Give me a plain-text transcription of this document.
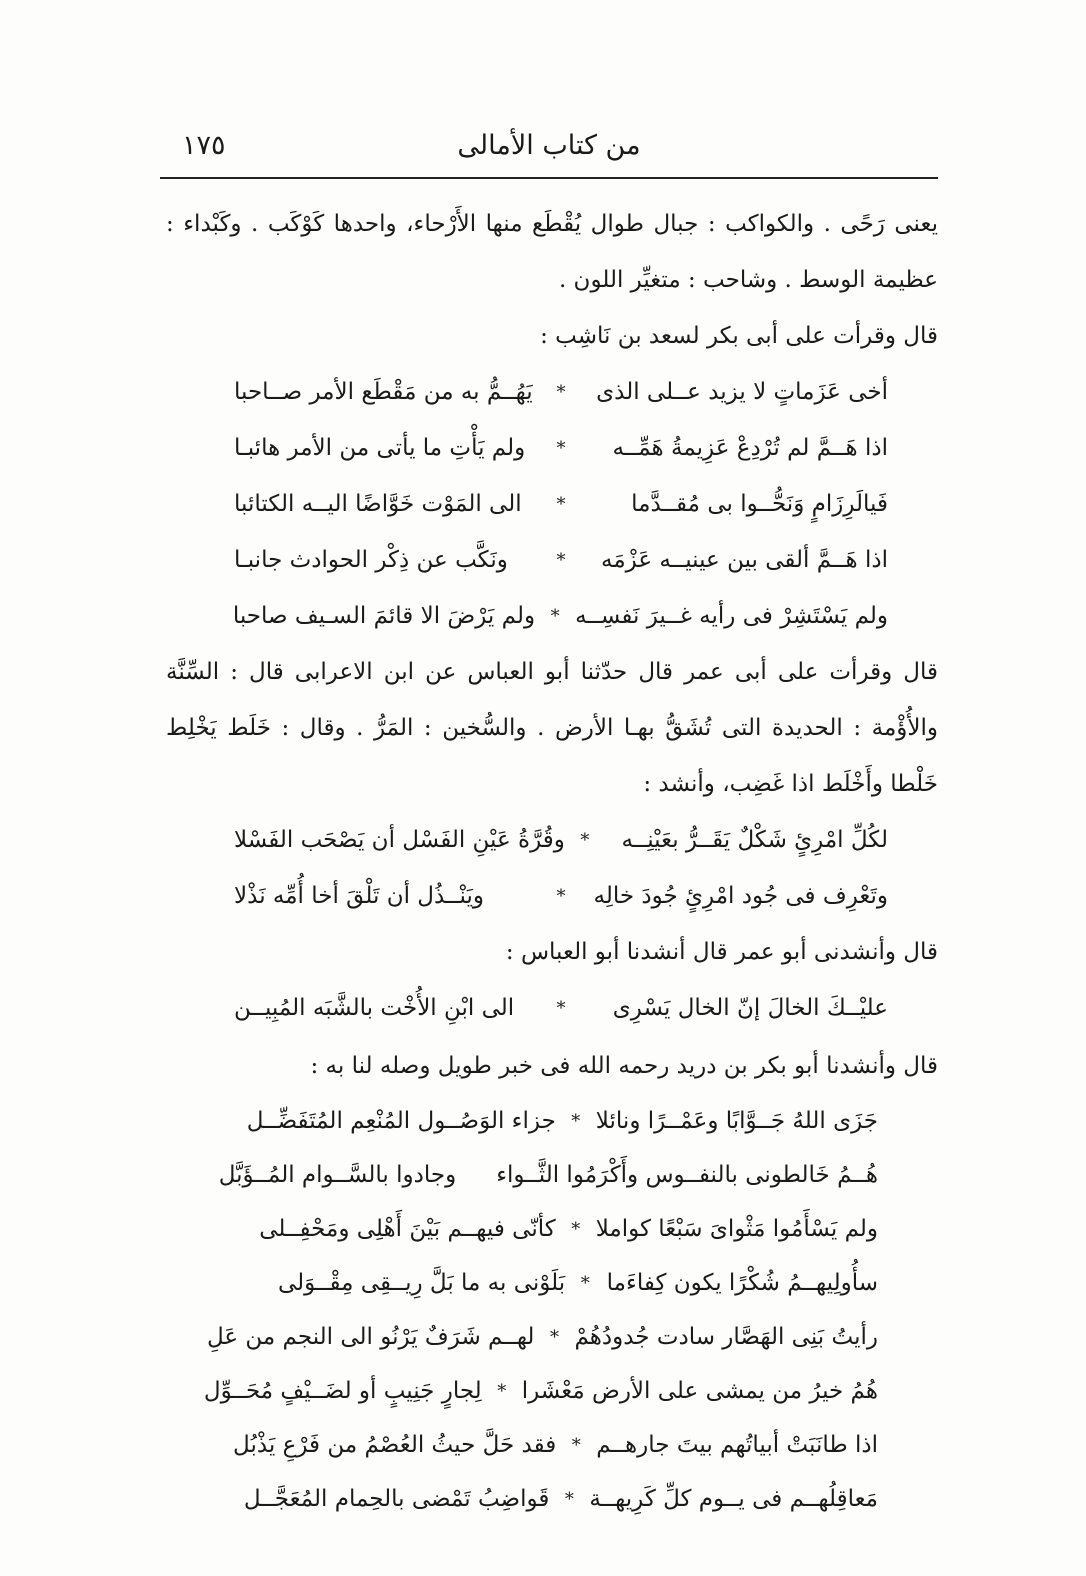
من كتاب الأمالى
١٧٥

يعنى رَحًى . والكواكب : جبال طوال يُقْطَع منها الأَرْحاء، واحدها كَوْكَب . وكَبْداء : عظيمة الوسط . وشاحب : متغيِّر اللون .

قال وقرأت على أبى بكر لسعد بن نَاشِب :

أخى عَزَماتٍ لا يزيد عــلى الذى
*
يَهُــمُّ به من مَقْطَع الأمر صــاحبا
اذا هَــمَّ لم تُرْدِعْ عَزِيمةُ هَمِّــه
*
ولم يَأْتِ ما يأتى من الأمر هائبـا
فَيالَرِزَامٍ وَنَحُّــوا بى مُقــدَّما
*
الى المَوْت خَوَّاضًا اليــه الكتائبا
اذا هَــمَّ ألقى بين عينيــه عَزْمَه
*
ونَكَّب عن ذِكْر الحوادث جانبـا
ولم يَسْتَشِرْ فى رأيه غــيرَ نَفسِــه
*
ولم يَرْضَ الا قائمَ السـيف صاحبا

قال وقرأت على أبى عمر قال حدّثنا أبو العباس عن ابن الاعرابى قال : السِّنَّة والأُؤْمة : الحديدة التى تُشَقُّ بهـا الأرض . والسُّخين : المَرُّ . وقال : خَلَط يَخْلِط خَلْطا وأَخْلَط اذا غَضِب، وأنشد :

لكُلِّ امْرِئٍ شَكْلٌ يَقَــرُّ بعَيْنِــه
*
وقُرَّةُ عَيْنِ الفَسْل أن يَصْحَب الفَسْلا
وتَعْرِف فى جُود امْرِئٍ جُودَ خالِه
*
ويَنْــذُل أن تَلْقَ أخا أُمِّه نَذْلا

قال وأنشدنى أبو عمر قال أنشدنا أبو العباس :

عليْــكَ الخالَ إنّ الخال يَسْرِى
*
الى ابْنِ الأُخْت بالشَّبَه المُبِيــن

قال وأنشدنا أبو بكر بن دريد رحمه الله فى خبر طويل وصله لنا به :

جَزَى اللهُ جَــوَّابًا وعَمْــرًا ونائلا
*
جزاء الوَصُــول المُنْعِم المُتَفَضِّــل
هُــمُ خَالطونى بالنفــوس وأَكْرَمُوا الثَّــواء
وجادوا بالسَّــوام المُــؤَبَّل
ولم يَسْأَمُوا مَثْواىَ سَبْعًا كواملا
*
كأنّى فيهــم بَيْنَ أَهْلِى ومَحْفِــلى
سأُولِيهــمُ شُكْرًا يكون كِفاءَما
*
بَلَوْنى به ما بَلَّ رِيــقِى مِقْــوَلى
رأيتُ بَنِى الهَصَّار سادت جُدودُهُمْ
*
لهــم شَرَفٌ يَرْنُو الى النجم من عَلِ
هُمُ خيرُ من يمشى على الأرض مَعْشَرا
*
لِجارٍ جَنِيبٍ أو لضَــيْفٍ مُحَــوِّل
اذا طانَبَتْ أبياتُهم بيتَ جارهــم
*
فقد حَلَّ حيثُ العُصْمُ من فَرْعِ يَذْبُل
مَعاقِلُهــم فى يــوم كلِّ كَرِيهــة
*
قَواضِبُ تَمْضى بالحِمام المُعَجَّــل
